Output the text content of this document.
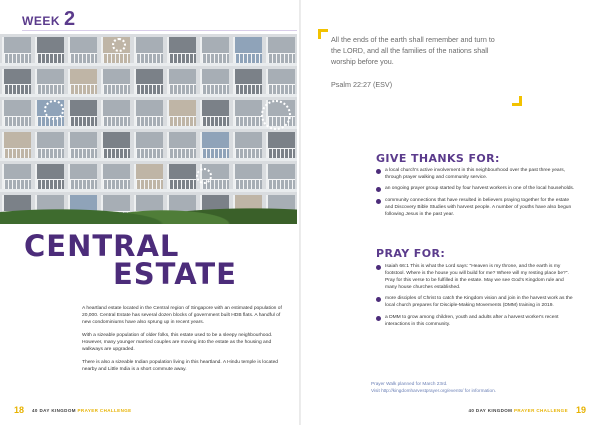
WEEK 2
CENTRAL
ESTATE

A heartland estate located in the Central region of Singapore with an estimated population of 20,000. Central Estate has several dozen blocks of government built HDB flats. A handful of new condominiums have also sprung up in recent years.

With a sizeable population of older folks, this estate used to be a sleepy neighbourhood. However, many younger married couples are moving into the estate as the housing and walkways are upgraded.

There is also a sizeable Indian population living in this heartland. A Hindu temple is located nearby and Little India is a short commute away.

18 40 DAY KINGDOM PRAYER CHALLENGE
All the ends of the earth shall remember and turn to the LORD, and all the families of the nations shall worship before you.
Psalm 22:27 (ESV)
GIVE THANKS FOR:
a local church's active involvement in this neighbourhood over the past three years, through prayer walking and community service.
an ongoing prayer group started by four harvest workers in one of the local households.
community connections that have resulted in believers praying together for the estate and Discovery Bible Studies with harvest people. A number of youths have also begun following Jesus in the past year.
PRAY FOR:
Isaiah 66:1 This is what the Lord says: "Heaven is my throne, and the earth is my footstool. Where is the house you will build for me? Where will my resting place be?". Pray for this verse to be fulfilled in the estate. May we see God's Kingdom rule and many house churches established.
more disciples of Christ to catch the Kingdom vision and join in the harvest work as the local church prepares for Disciple-Making Movements (DMM) training in 2019.
a DMM to grow among children, youth and adults after a harvest worker's recent interactions in this community.
Prayer Walk planned for March 23rd.
Visit http://kingdomharvestprayer.org/events/ for information.
40 DAY KINGDOM PRAYER CHALLENGE 19
